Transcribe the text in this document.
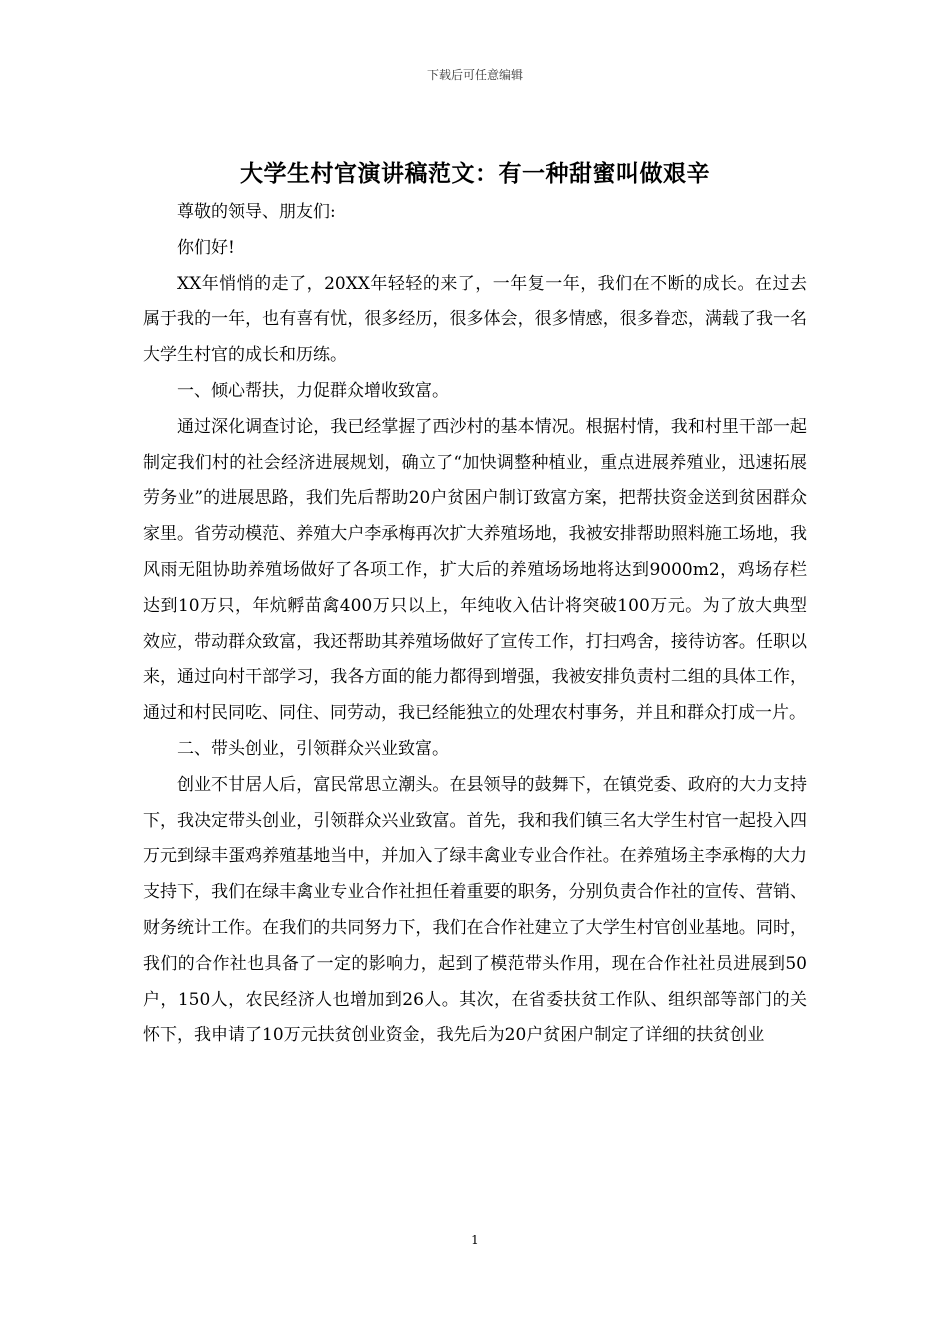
下载后可任意编辑
大学生村官演讲稿范文：有一种甜蜜叫做艰辛

尊敬的领导、朋友们:

你们好!

XX年悄悄的走了，20XX年轻轻的来了，一年复一年，我们在不断的成长。在过去属于我的一年，也有喜有忧，很多经历，很多体会，很多情感，很多眷恋，满载了我一名大学生村官的成长和历练。

一、倾心帮扶，力促群众增收致富。

通过深化调查讨论，我已经掌握了西沙村的基本情况。根据村情，我和村里干部一起制定我们村的社会经济进展规划，确立了“加快调整种植业，重点进展养殖业，迅速拓展劳务业”的进展思路，我们先后帮助20户贫困户制订致富方案，把帮扶资金送到贫困群众家里。省劳动模范、养殖大户李承梅再次扩大养殖场地，我被安排帮助照料施工场地，我风雨无阻协助养殖场做好了各项工作，扩大后的养殖场场地将达到9000m2，鸡场存栏达到10万只，年炕孵苗禽400万只以上，年纯收入估计将突破100万元。为了放大典型效应，带动群众致富，我还帮助其养殖场做好了宣传工作，打扫鸡舍，接待访客。任职以来，通过向村干部学习，我各方面的能力都得到增强，我被安排负责村二组的具体工作，通过和村民同吃、同住、同劳动，我已经能独立的处理农村事务，并且和群众打成一片。

二、带头创业，引领群众兴业致富。

创业不甘居人后，富民常思立潮头。在县领导的鼓舞下，在镇党委、政府的大力支持下，我决定带头创业，引领群众兴业致富。首先，我和我们镇三名大学生村官一起投入四万元到绿丰蛋鸡养殖基地当中，并加入了绿丰禽业专业合作社。在养殖场主李承梅的大力支持下，我们在绿丰禽业专业合作社担任着重要的职务，分别负责合作社的宣传、营销、财务统计工作。在我们的共同努力下，我们在合作社建立了大学生村官创业基地。同时，我们的合作社也具备了一定的影响力，起到了模范带头作用，现在合作社社员进展到50户，150人，农民经济人也增加到26人。其次，在省委扶贫工作队、组织部等部门的关怀下，我申请了10万元扶贫创业资金，我先后为20户贫困户制定了详细的扶贫创业

1
